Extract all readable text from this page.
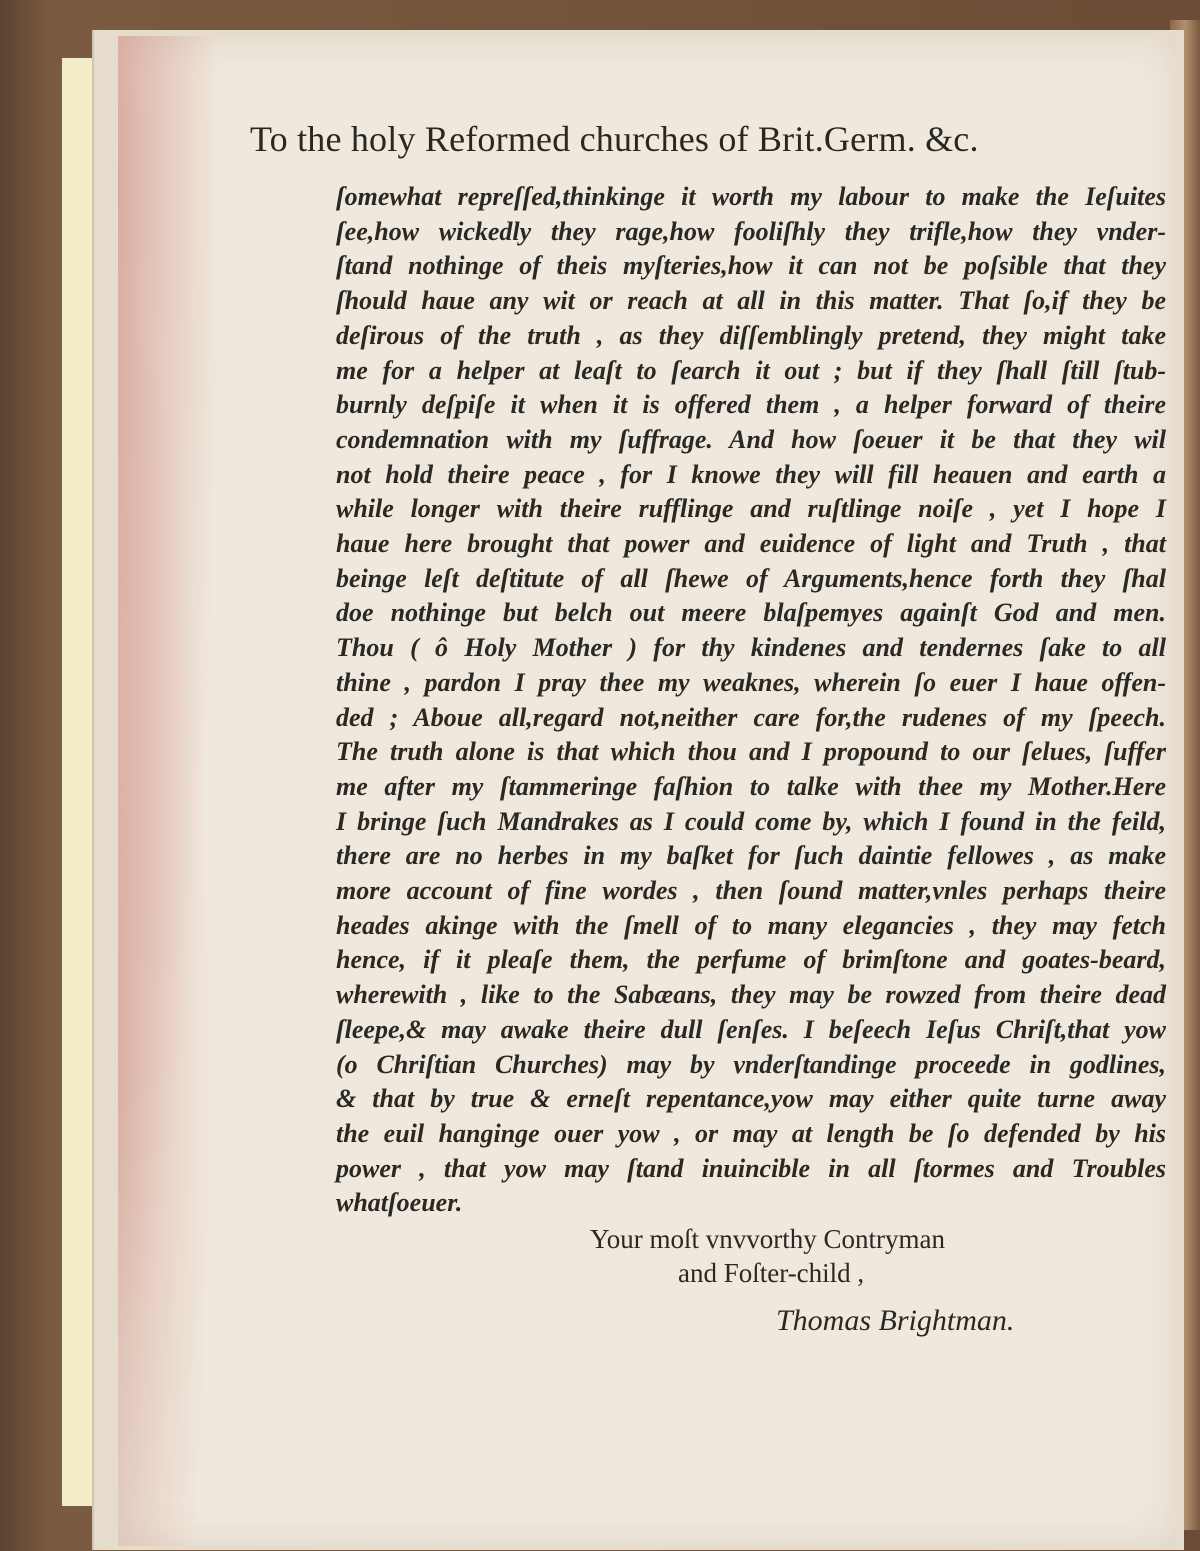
To the holy Reformed churches of Brit.Germ. &c.
ſomewhat repreſſed,thinkinge it worth my labour to make the Ieſuites
ſee,how wickedly they rage,how fooliſhly they trifle,how they vnder-
ſtand nothinge of theis myſteries,how it can not be poſsible that they
ſhould haue any wit or reach at all in this matter. That ſo,if they be
deſirous of the truth , as they diſſemblingly pretend, they might take
me for a helper at leaſt to ſearch it out ; but if they ſhall ſtill ſtub-
burnly deſpiſe it when it is offered them , a helper forward of theire
condemnation with my ſuffrage. And how ſoeuer it be that they wil
not hold theire peace , for I knowe they will fill heauen and earth a
while longer with theire rufflinge and ruſtlinge noiſe , yet I hope I
haue here brought that power and euidence of light and Truth , that
beinge leſt deſtitute of all ſhewe of Arguments,hence forth they ſhal
doe nothinge but belch out meere blaſpemyes againſt God and men.
Thou ( ô Holy Mother ) for thy kindenes and tendernes ſake to all
thine , pardon I pray thee my weaknes, wherein ſo euer I haue offen-
ded ; Aboue all,regard not,neither care for,the rudenes of my ſpeech.
The truth alone is that which thou and I propound to our ſelues, ſuffer
me after my ſtammeringe faſhion to talke with thee my Mother.Here
I bringe ſuch Mandrakes as I could come by, which I found in the feild,
there are no herbes in my baſket for ſuch daintie fellowes , as make
more account of fine wordes , then ſound matter,vnles perhaps theire
heades akinge with the ſmell of to many elegancies , they may fetch
hence, if it pleaſe them, the perfume of brimſtone and goates-beard,
wherewith , like to the Sabæans, they may be rowzed from theire dead
ſleepe,& may awake theire dull ſenſes. I beſeech Ieſus Chriſt,that yow
(o Chriſtian Churches) may by vnderſtandinge proceede in godlines,
& that by true & erneſt repentance,yow may either quite turne away
the euil hanginge ouer yow , or may at length be ſo defended by his
power , that yow may ſtand inuincible in all ſtormes and Troubles
whatſoeuer.
Your moſt vnvvorthy Contryman
and Foſter-child ,
Thomas Brightman.
